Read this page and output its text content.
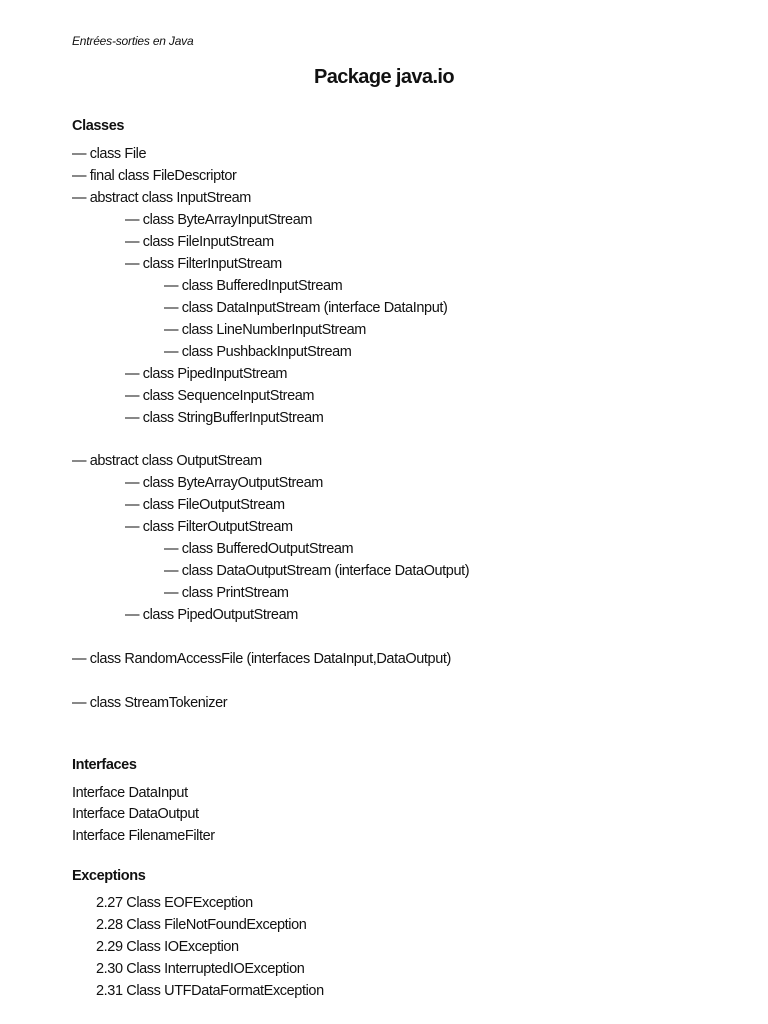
Entrées-sorties en Java
Package java.io
Classes
— class File
— final class FileDescriptor
— abstract class InputStream
— class ByteArrayInputStream
— class FileInputStream
— class FilterInputStream
— class BufferedInputStream
— class DataInputStream (interface DataInput)
— class LineNumberInputStream
— class PushbackInputStream
— class PipedInputStream
— class SequenceInputStream
— class StringBufferInputStream
— abstract class OutputStream
— class ByteArrayOutputStream
— class FileOutputStream
— class FilterOutputStream
— class BufferedOutputStream
— class DataOutputStream (interface DataOutput)
— class PrintStream
— class PipedOutputStream
— class RandomAccessFile (interfaces DataInput,DataOutput)
— class StreamTokenizer
Interfaces
Interface DataInput
Interface DataOutput
Interface FilenameFilter
Exceptions
2.27 Class EOFException
2.28 Class FileNotFoundException
2.29 Class IOException
2.30 Class InterruptedIOException
2.31 Class UTFDataFormatException
